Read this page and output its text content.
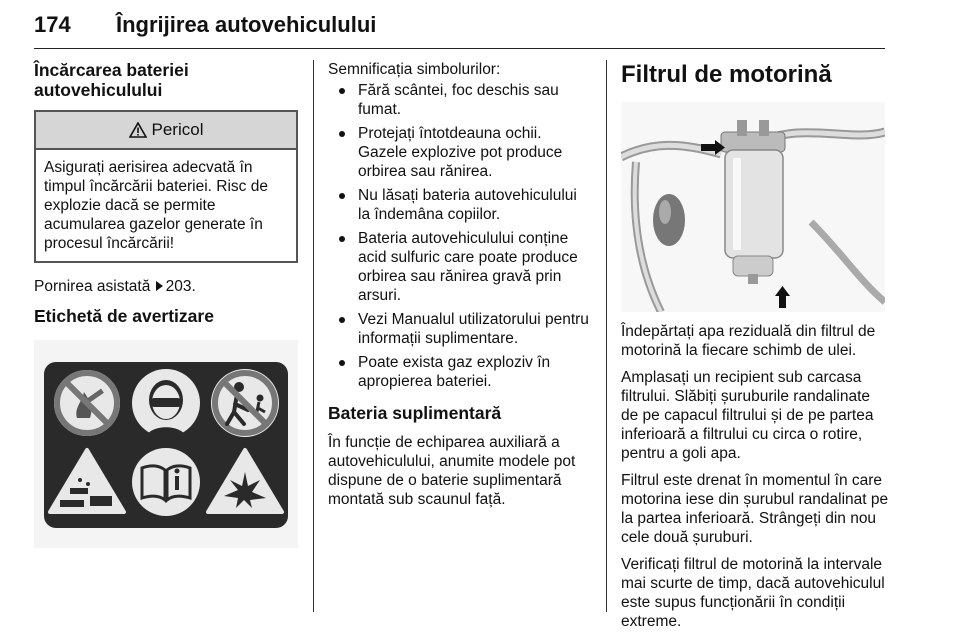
174 Îngrijirea autovehiculului
Încărcarea bateriei autovehiculului
Pericol
Asigurați aerisirea adecvată în timpul încărcării bateriei. Risc de explozie dacă se permite acumularea gazelor generate în procesul încărcării!

Pornirea asistată 203.

Etichetă de avertizare

Semnificația simbolurilor:

Fără scântei, foc deschis sau fumat.
Protejați întotdeauna ochii. Gazele explozive pot produce orbirea sau rănirea.
Nu lăsați bateria autovehiculului la îndemâna copiilor.
Bateria autovehiculului conține acid sulfuric care poate produce orbirea sau rănirea gravă prin arsuri.
Vezi Manualul utilizatorului pentru informații suplimentare.
Poate exista gaz exploziv în apropierea bateriei.
Bateria suplimentară

În funcție de echiparea auxiliară a autovehiculului, anumite modele pot dispune de o baterie suplimentară montată sub scaunul față.

Filtrul de motorină

Îndepărtați apa reziduală din filtrul de motorină la fiecare schimb de ulei.

Amplasați un recipient sub carcasa filtrului. Slăbiți șuruburile randalinate de pe capacul filtrului și de pe partea inferioară a filtrului cu circa o rotire, pentru a goli apa.

Filtrul este drenat în momentul în care motorina iese din șurubul randalinat pe la partea inferioară. Strângeți din nou cele două șuruburi.

Verificați filtrul de motorină la intervale mai scurte de timp, dacă autovehiculul este supus funcționării în condiții extreme.
